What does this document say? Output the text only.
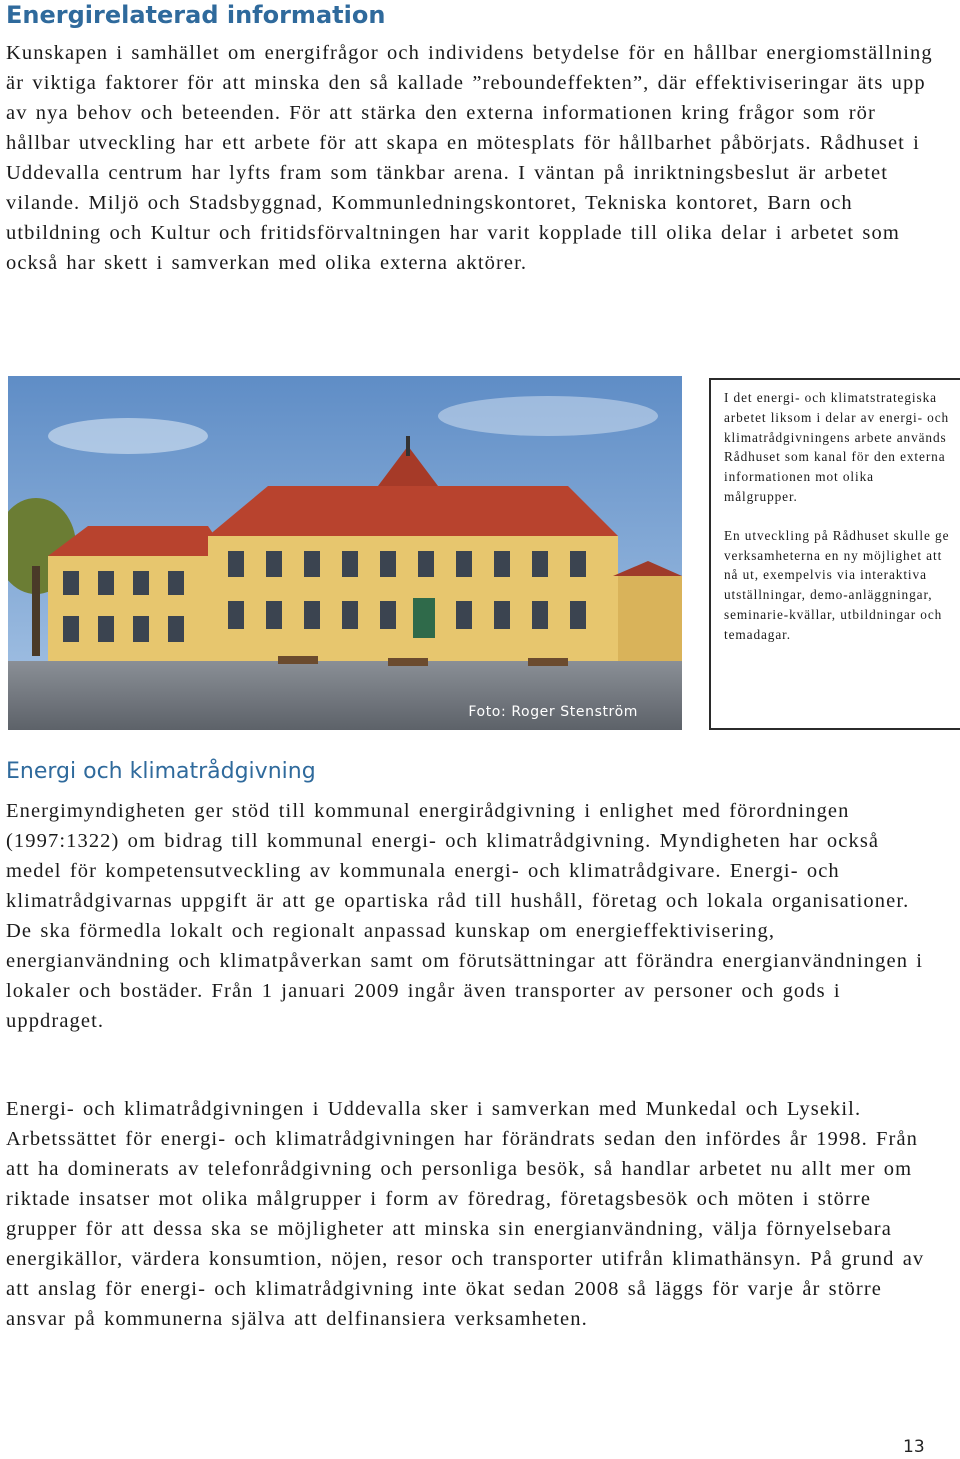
Energirelaterad information

Kunskapen i samhället om energifrågor och individens betydelse för en hållbar energiomställning är viktiga faktorer för att minska den så kallade ”reboundeffekten”, där effektiviseringar äts upp av nya behov och beteenden. För att stärka den externa informationen kring frågor som rör hållbar utveckling har ett arbete för att skapa en mötesplats för hållbarhet påbörjats. Rådhuset i Uddevalla centrum har lyfts fram som tänkbar arena. I väntan på inriktningsbeslut är arbetet vilande. Miljö och Stadsbyggnad, Kommunledningskontoret, Tekniska kontoret, Barn och utbildning och Kultur och fritidsförvaltningen har varit kopplade till olika delar i arbetet som också har skett i samverkan med olika externa aktörer.

Foto: Roger Stenström

I det energi- och klimatstrategiska arbetet liksom i delar av energi- och klimatrådgivningens arbete används Rådhuset som kanal för den externa informationen mot olika målgrupper.

En utveckling på Rådhuset skulle ge verksamheterna en ny möjlighet att nå ut, exempelvis via interaktiva utställningar, demo-anläggningar, seminarie-kvällar, utbildningar och temadagar.

Energi och klimatrådgivning

Energimyndigheten ger stöd till kommunal energirådgivning i enlighet med förordningen (1997:1322) om bidrag till kommunal energi- och klimatrådgivning. Myndigheten har också medel för kompetensutveckling av kommunala energi- och klimatrådgivare. Energi- och klimatrådgivarnas uppgift är att ge opartiska råd till hushåll, företag och lokala organisationer. De ska förmedla lokalt och regionalt anpassad kunskap om energieffektivisering, energianvändning och klimatpåverkan samt om förutsättningar att förändra energianvändningen i lokaler och bostäder. Från 1 januari 2009 ingår även transporter av personer och gods i uppdraget.

Energi- och klimatrådgivningen i Uddevalla sker i samverkan med Munkedal och Lysekil. Arbetssättet för energi- och klimatrådgivningen har förändrats sedan den infördes år 1998. Från att ha dominerats av telefonrådgivning och personliga besök, så handlar arbetet nu allt mer om riktade insatser mot olika målgrupper i form av föredrag, företagsbesök och möten i större grupper för att dessa ska se möjligheter att minska sin energianvändning, välja förnyelsebara energikällor, värdera konsumtion, nöjen, resor och transporter utifrån klimathänsyn. På grund av att anslag för energi- och klimatrådgivning inte ökat sedan 2008 så läggs för varje år större ansvar på kommunerna själva att delfinansiera verksamheten.

13
